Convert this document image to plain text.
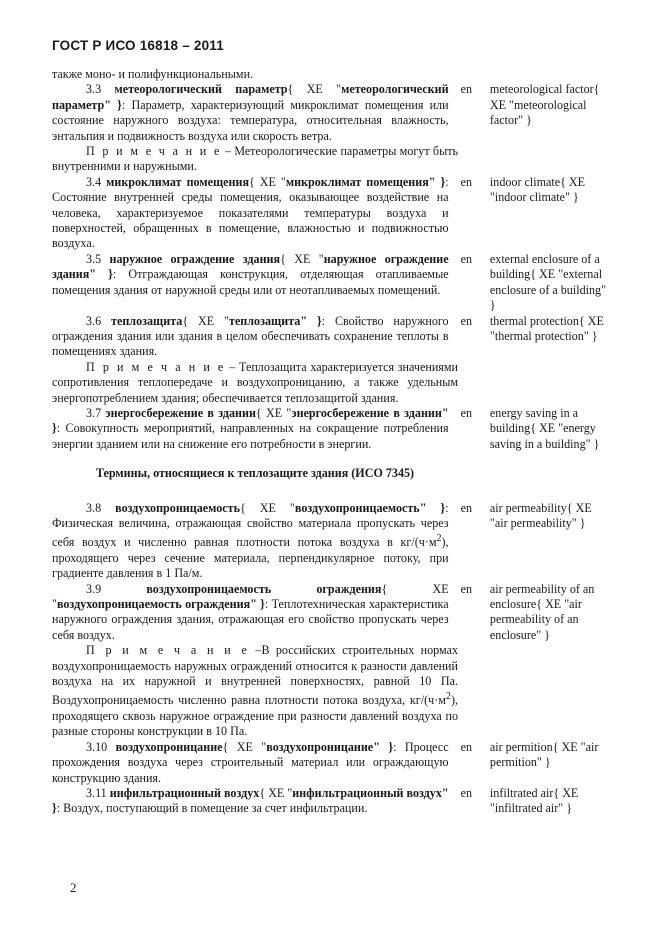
ГОСТ Р ИСО 16818 – 2011
также моно- и полифункциональными.
3.3 метеорологический параметр{ XE "метеорологический параметр" }: Параметр, характеризующий микроклимат помещения или состояние наружного воздуха: температура, относительная влажность, энтальпия и подвижность воздуха или скорость ветра.
en	meteorological factor{ XE "meteorological factor" }
П р и м е ч а н и е – Метеорологические параметры могут быть внутренними и наружными.
3.4 микроклимат помещения{ XE "микроклимат помещения" }: Состояние внутренней среды помещения, оказывающее воздействие на человека, характеризуемое показателями температуры воздуха и поверхностей, обращенных в помещение, влажностью и подвижностью воздуха.
en	indoor climate{ XE "indoor climate" }
3.5 наружное ограждение здания{ XE "наружное ограждение здания" }: Отграждающая конструкция, отделяющая отапливаемые помещения здания от наружной среды или от неотапливаемых помещений.
en	external enclosure of a building{ XE "external enclosure of a building" }
3.6 теплозащита{ XE "теплозащита" }: Свойство наружного ограждения здания или здания в целом обеспечивать сохранение теплоты в помещениях здания.
en	thermal protection{ XE "thermal protection" }
П р и м е ч а н и е – Теплозащита характеризуется значениями сопротивления теплопередаче и воздухопроницанию, а также удельным энергопотреблением здания; обеспечивается теплозащитой здания.
3.7 энергосбережение в здании{ XE "энергосбережение в здании" }: Совокупность мероприятий, направленных на сокращение потребления энергии зданием или на снижение его потребности в энергии.
en	energy saving in a building{ XE "energy saving in a building" }
Термины, относящиеся к теплозащите здания (ИСО 7345)
3.8 воздухопроницаемость{ XE "воздухопроницаемость" }: Физическая величина, отражающая свойство материала пропускать через себя воздух и численно равная плотности потока воздуха в $кг/(ч\cdot м^2)$, проходящего через сечение материала, перпендикулярное потоку, при градиенте давления в 1 Па/м.
en	air permeability{ XE "air permeability" }
3.9	воздухопроницаемость ограждения{ XE "воздухопроницаемость ограждения" }: Теплотехническая характеристика наружного ограждения здания, отражающая его свойство пропускать через себя воздух.
en	air permeability of an enclosure{ XE "air permeability of an enclosure" }
П р и м е ч а н и е –В российских строительных нормах воздухопроницаемость наружных ограждений относится к разности давлений воздуха на их наружной и внутренней поверхностях, равной 10 Па. Воздухопроницаемость численно равна плотности потока воздуха, $кг/(ч\cdot м^2)$, проходящего сквозь наружное ограждение при разности давлений воздуха по разные стороны конструкции в 10 Па.
3.10 воздухопроницание{ XE "воздухопроницание" }: Процесс прохождения воздуха через строительный материал или ограждающую конструкцию здания.
en	air permition{ XE "air permition" }
3.11 инфильтрационный воздух{ XE "инфильтрационный воздух" }: Воздух, поступающий в помещение за счет инфильтрации.
en	infiltrated air{ XE "infiltrated air" }
2
